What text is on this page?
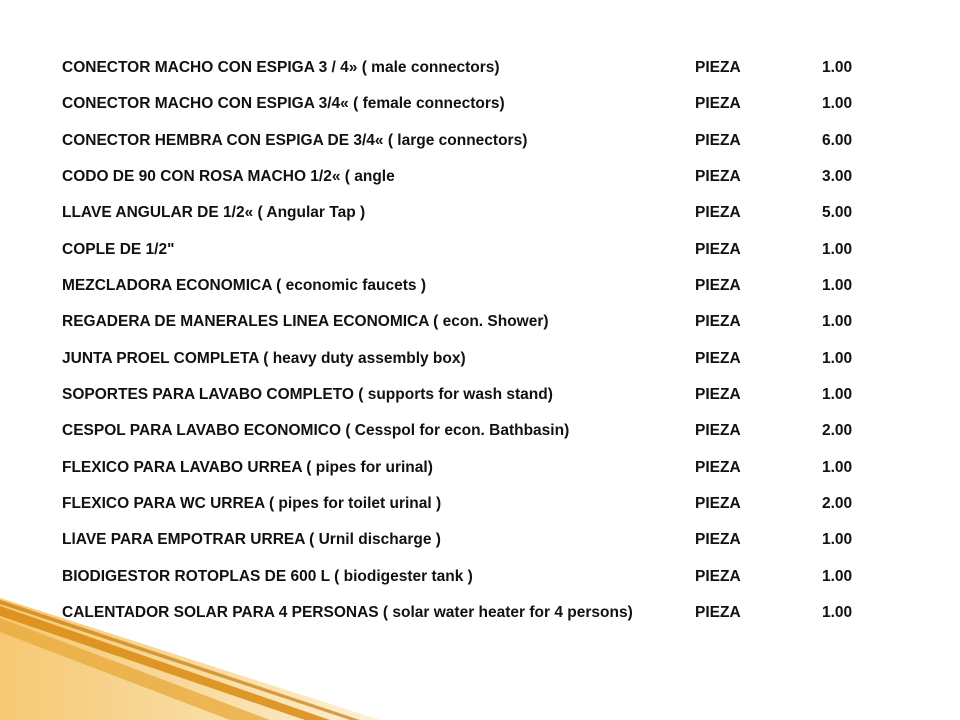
CONECTOR MACHO CON ESPIGA 3 / 4» ( male connectors)	PIEZA	1.00
CONECTOR MACHO CON ESPIGA 3/4« ( female connectors)	PIEZA	1.00
CONECTOR HEMBRA CON ESPIGA DE 3/4« ( large connectors)	PIEZA	6.00
CODO DE 90 CON ROSA MACHO 1/2« ( angle	PIEZA	3.00
LLAVE ANGULAR DE 1/2« ( Angular Tap )	PIEZA	5.00
COPLE DE 1/2"	PIEZA	1.00
MEZCLADORA ECONOMICA ( economic faucets )	PIEZA	1.00
REGADERA DE MANERALES LINEA ECONOMICA ( econ. Shower)	PIEZA	1.00
JUNTA PROEL COMPLETA ( heavy duty assembly box)	PIEZA	1.00
SOPORTES PARA LAVABO COMPLETO ( supports for wash stand)	PIEZA	1.00
CESPOL PARA LAVABO ECONOMICO ( Cesspol for econ. Bathbasin)	PIEZA	2.00
FLEXICO PARA LAVABO URREA ( pipes for urinal)	PIEZA	1.00
FLEXICO PARA WC URREA ( pipes for toilet urinal )	PIEZA	2.00
LlAVE PARA EMPOTRAR URREA ( Urnil discharge )	PIEZA	1.00
BIODIGESTOR ROTOPLAS DE 600 L ( biodigester tank )	PIEZA	1.00
CALENTADOR SOLAR PARA 4 PERSONAS ( solar water heater for 4 persons)	PIEZA	1.00
